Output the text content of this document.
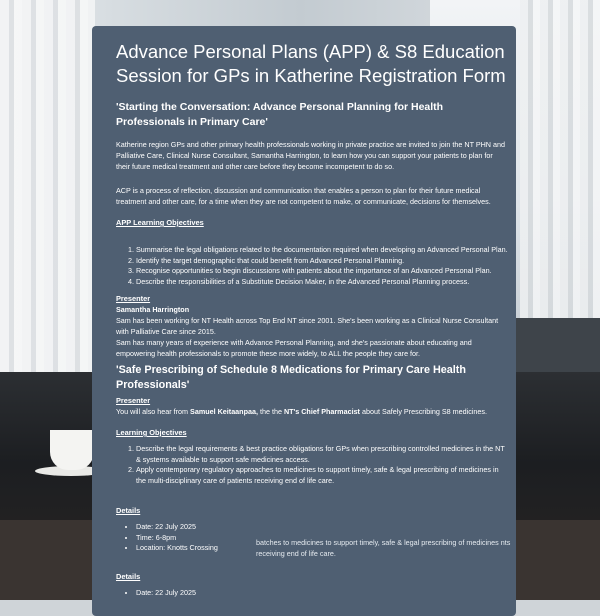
Advance Personal Plans (APP) & S8 Education Session for GPs in Katherine Registration Form
'Starting the Conversation: Advance Personal Planning for Health Professionals in Primary Care'

Katherine region GPs and other primary health professionals working in private practice are invited to join the NT PHN and Palliative Care, Clinical Nurse Consultant, Samantha Harrington, to learn how you can support your patients to plan for their future medical treatment and other care before they become incompetent to do so.

ACP is a process of reflection, discussion and communication that enables a person to plan for their future medical treatment and other care, for a time when they are not competent to make, or communicate, decisions for themselves.

APP Learning Objectives

1. Summarise the legal obligations related to the documentation required when developing an Advanced Personal Plan.
2. Identify the target demographic that could benefit from Advanced Personal Planning.
3. Recognise opportunities to begin discussions with patients about the importance of an Advanced Personal Plan.
4. Describe the responsibilities of a Substitute Decision Maker, in the Advanced Personal Planning process.

Presenter

Samantha Harrington

Sam has been working for NT Health across Top End NT since 2001. She's been working as a Clinical Nurse Consultant with Palliative Care since 2015.

Sam has many years of experience with Advance Personal Planning, and she's passionate about educating and empowering health professionals to promote these more widely, to ALL the people they care for.

'Safe Prescribing of Schedule 8 Medications for Primary Care Health Professionals'

Presenter

You will also hear from Samuel Keitaanpaa, the the NT's Chief Pharmacist about Safely Prescribing S8 medicines.

Learning Objectives

1. Describe the legal requirements & best practice obligations for GPs when prescribing controlled medicines in the NT & systems available to support safe medicines access.
2. Apply contemporary regulatory approaches to medicines to support timely, safe & legal prescribing of medicines in the multi-disciplinary care of patients receiving end of life care.

Details

• Date: 22 July 2025
• Time: 6-8pm
• Location: Knotts Crossing

Details

• Date: 22 July 2025
batches to medicines to support timely, safe & legal prescribing of medicines nts receiving end of life care.
